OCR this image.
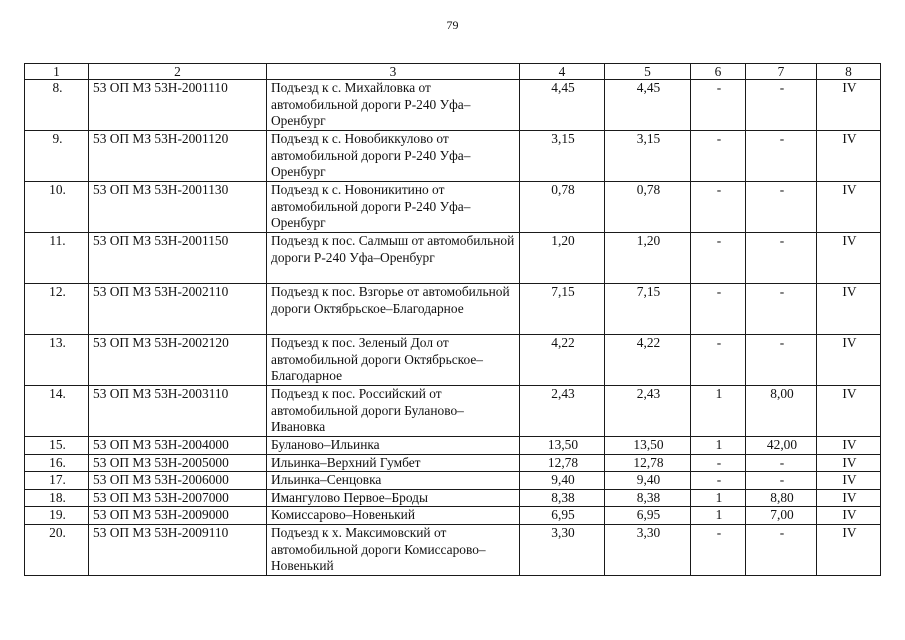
79
1	2	3	4	5	6	7	8
8.	53 ОП МЗ 53Н-2001110	Подъезд к с. Михайловка от автомобильной дороги Р-240 Уфа–Оренбург	4,45	4,45	-	-	IV
9.	53 ОП МЗ 53Н-2001120	Подъезд к с. Новобиккулово от автомобильной дороги Р-240 Уфа–Оренбург	3,15	3,15	-	-	IV
10.	53 ОП МЗ 53Н-2001130	Подъезд к с. Новоникитино от автомобильной дороги Р-240 Уфа–Оренбург	0,78	0,78	-	-	IV
11.	53 ОП МЗ 53Н-2001150	Подъезд к пос. Салмыш от автомобильной дороги Р-240 Уфа–Оренбург	1,20	1,20	-	-	IV
12.	53 ОП МЗ 53Н-2002110	Подъезд к пос. Взгорье от автомобильной дороги Октябрьское–Благодарное	7,15	7,15	-	-	IV
13.	53 ОП МЗ 53Н-2002120	Подъезд к пос. Зеленый Дол от автомобильной дороги Октябрьское–Благодарное	4,22	4,22	-	-	IV
14.	53 ОП МЗ 53Н-2003110	Подъезд к пос. Российский от автомобильной дороги Буланово–Ивановка	2,43	2,43	1	8,00	IV
15.	53 ОП МЗ 53Н-2004000	Буланово–Ильинка	13,50	13,50	1	42,00	IV
16.	53 ОП МЗ 53Н-2005000	Ильинка–Верхний Гумбет	12,78	12,78	-	-	IV
17.	53 ОП МЗ 53Н-2006000	Ильинка–Сенцовка	9,40	9,40	-	-	IV
18.	53 ОП МЗ 53Н-2007000	Имангулово Первое–Броды	8,38	8,38	1	8,80	IV
19.	53 ОП МЗ 53Н-2009000	Комиссарово–Новенький	6,95	6,95	1	7,00	IV
20.	53 ОП МЗ 53Н-2009110	Подъезд к х. Максимовский от автомобильной дороги Комиссарово–Новенький	3,30	3,30	-	-	IV
